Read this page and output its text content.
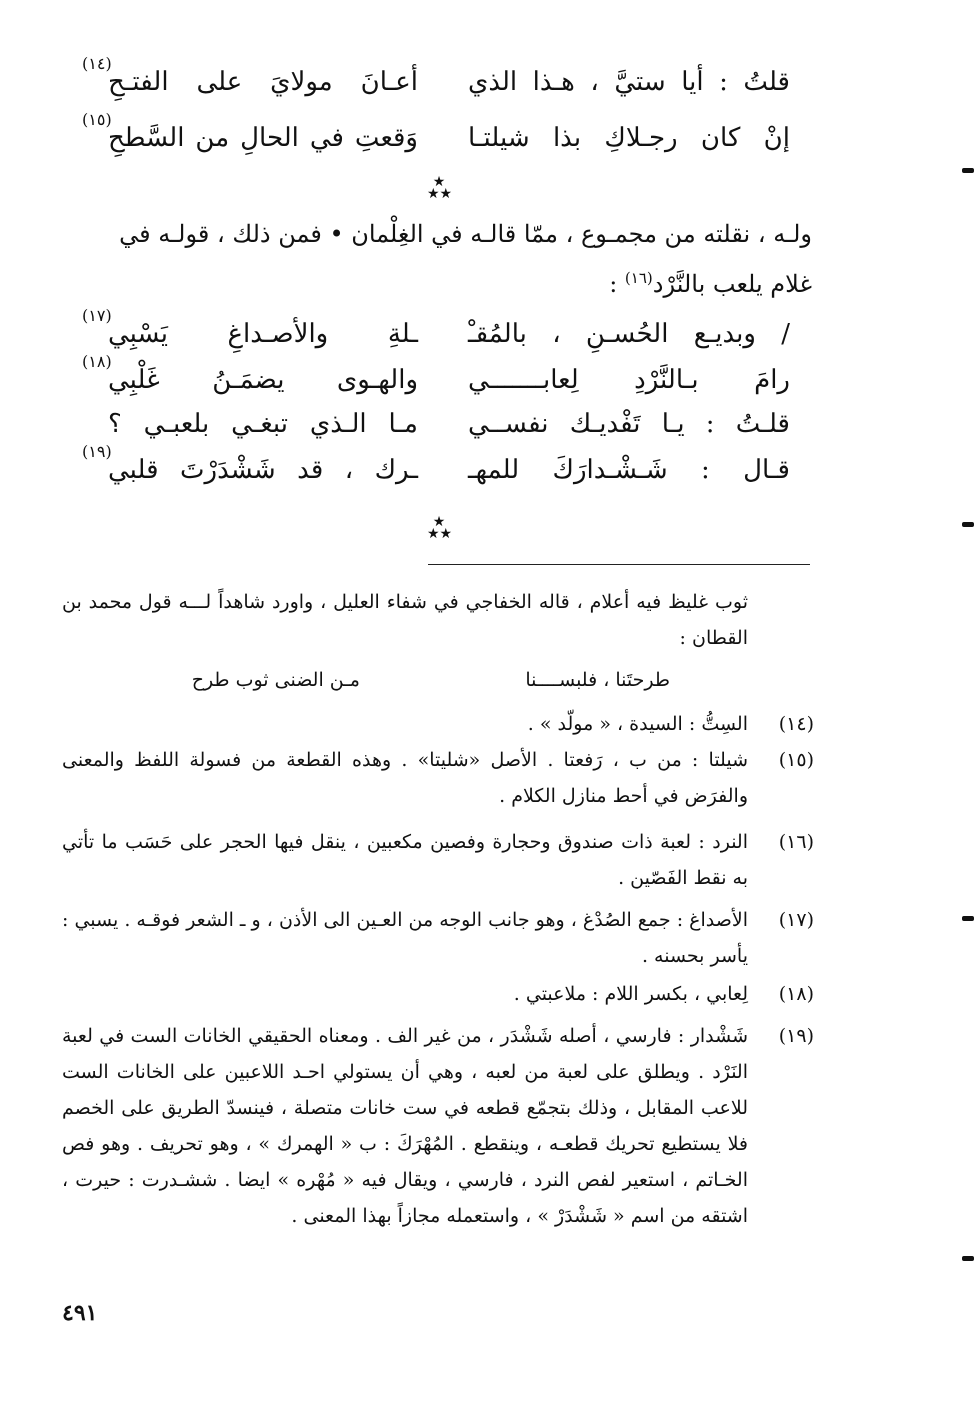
قلتُ : أيا ستيَّ ، هـذا الذي
أعـانَ مولايَ على الفتـحِ
(١٤)
إنْ كان رجـلاكِ بذا شيلتـا
وَقعتِ في الحالِ من السَّطحِ
(١٥)
★
★★
ولـه ، نقلته من مجمـوع ، ممّا قالـه في الغِلْمان • فمن ذلك ، قولـه في
غلام يلعب بالنَّرْد$^{(١٦)}$ :
/ وبديـع الحُسـنِ ، بالمُقـْ
ـلةِ والأصـداغِ يَسْبِي
(١٧)
رامَ بـالنَّرْدِ لِعابـــــــي
والهـوى يضمَـنُ غَلْبِي
(١٨)
قلـتُ : يـا تَفْديـك نفســي
مـا الـذي تبغـي بلعبـي ؟
قـال : شَـشْـدارَكَ للمهـ
ـرك ، قد شَشْدَرْتَ قلبي
(١٩)
★
★★
ثوب غليظ فيه أعلام ، قاله الخفاجي في شفاء العليل ، واورد شاهداً لـــه قول محمد بن القطان :
طرحتَنا ، فلبســــنا
مـن الضنى ثوب طرح
(١٤)
السِتُّ : السيدة ، « مولّد » .
(١٥)
شيلتا : من ب ، رَفعتا . الأصل «شليتا» . وهذه القطعة من فسولة اللفظ والمعنى والفرَض في أحط منازل الكلام .
(١٦)
النرد : لعبة ذات صندوق وحجارة وفصين مكعبين ، ينقل فيها الحجر على حَسَب ما تأتي به نقط الفَصّين .
(١٧)
الأصداغ : جمع الصُدْغ ، وهو جانب الوجه من العـين الى الأذن ، و ـ الشعر فوقـه . يسبي : يأسر بحسنه .
(١٨)
لِعابي ، بكسر اللام : ملاعبتي .
(١٩)
شَشْدار : فارسي ، أصله شَشْدَر ، من غير الف . ومعناه الحقيقي الخانات الست في لعبة النَرْد . ويطلق على لعبة من لعبه ، وهي أن يستولي احـد اللاعبين على الخانات الست للاعب المقابل ، وذلك بتجمّع قطعه في ست خانات متصلة ، فينسدّ الطريق على الخصم فلا يستطيع تحريك قطعـه ، وينقطع . المُهْرَكَ : ب « الهمرك » ، وهو تحريف . وهو فص الخـاتم ، استعير لفص النرد ، فارسي ، ويقال فيه « مُهْره » ايضا . ششـدرت : حيرت ، اشتقه من اسم « شَشْدَرْ » ، واستعمله مجازاً بهذا المعنى .
٤٩١
